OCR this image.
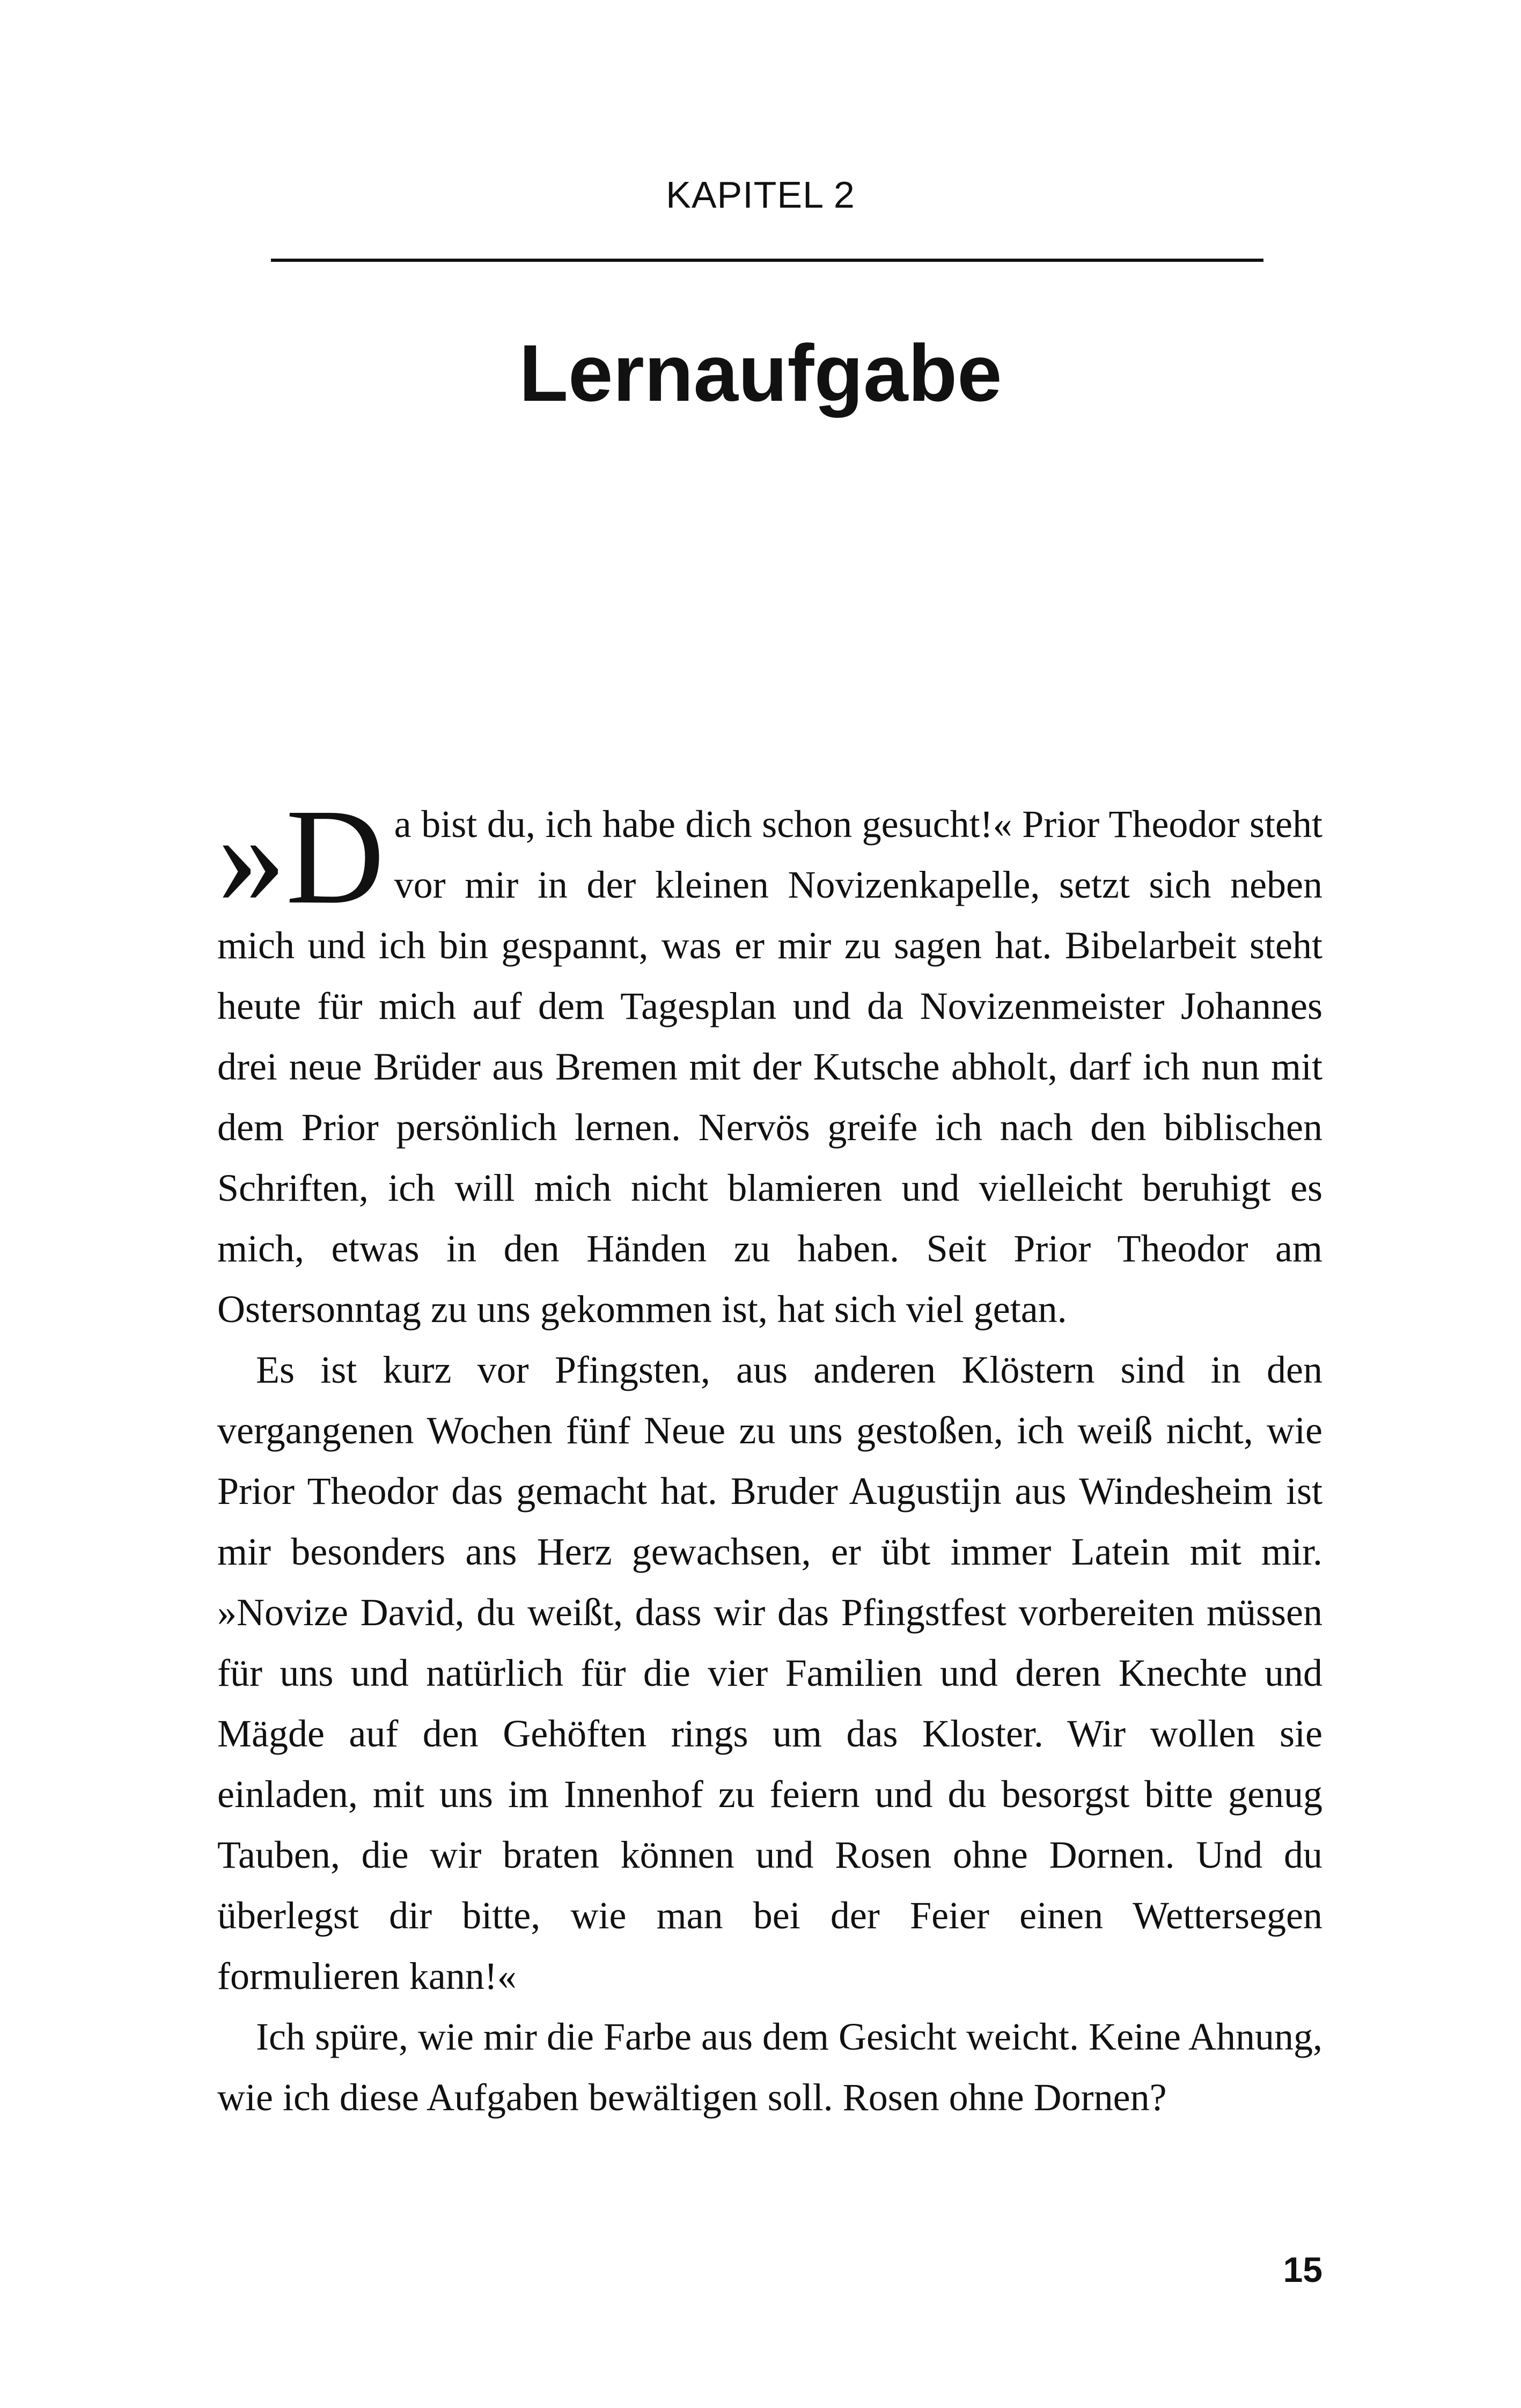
KAPITEL 2
Lernaufgabe

»D a bist du, ich habe dich schon gesucht!« Prior Theodor steht vor mir in der kleinen Novizenkapelle, setzt sich neben mich und ich bin gespannt, was er mir zu sagen hat. Bibelarbeit steht heute für mich auf dem Tagesplan und da Novizenmeister Johannes drei neue Brüder aus Bremen mit der Kutsche abholt, darf ich nun mit dem Prior persönlich lernen. Nervös greife ich nach den biblischen Schriften, ich will mich nicht blamieren und vielleicht beruhigt es mich, etwas in den Händen zu haben. Seit Prior Theodor am Ostersonntag zu uns gekommen ist, hat sich viel getan.

Es ist kurz vor Pfingsten, aus anderen Klöstern sind in den vergangenen Wochen fünf Neue zu uns gestoßen, ich weiß nicht, wie Prior Theodor das gemacht hat. Bruder Augustijn aus Windesheim ist mir besonders ans Herz gewachsen, er übt immer Latein mit mir. »Novize David, du weißt, dass wir das Pfingstfest vorbereiten müssen für uns und natürlich für die vier Familien und deren Knechte und Mägde auf den Gehöften rings um das Kloster. Wir wollen sie einladen, mit uns im Innenhof zu feiern und du besorgst bitte genug Tauben, die wir braten können und Rosen ohne Dornen. Und du überlegst dir bitte, wie man bei der Feier einen Wettersegen formulieren kann!«

Ich spüre, wie mir die Farbe aus dem Gesicht weicht. Keine Ahnung, wie ich diese Aufgaben bewältigen soll. Rosen ohne Dornen?

15
